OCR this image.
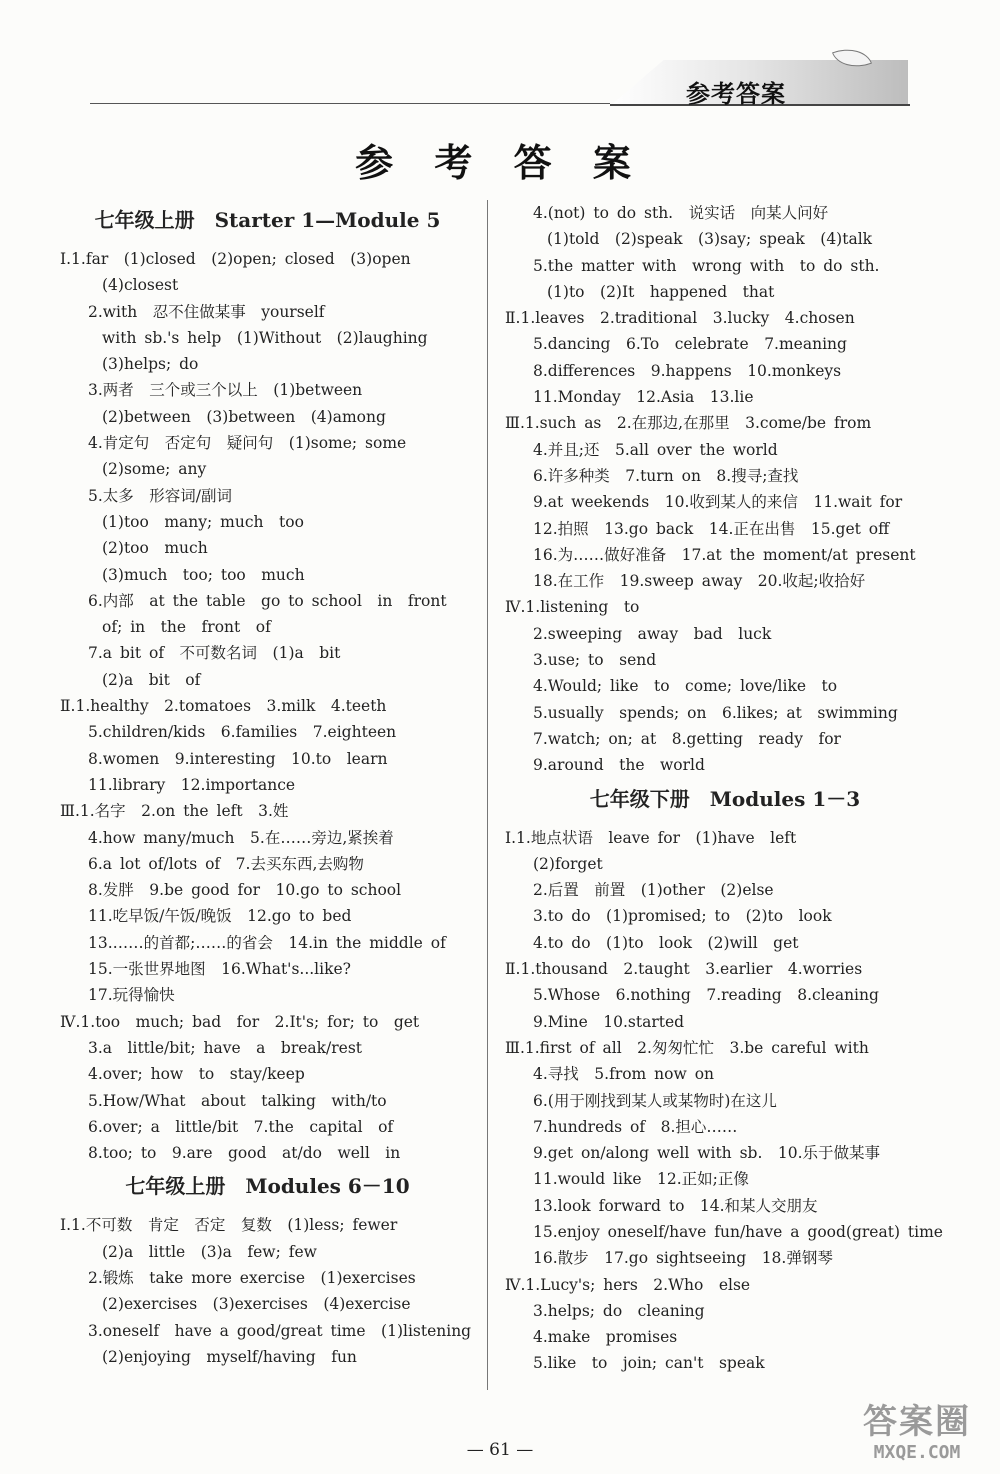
参考答案
参 考 答 案
七年级上册　Starter 1—Module 5
Ⅰ.1.far　(1)closed　(2)open; closed　(3)open
(4)closest
2.with　忍不住做某事　yourself
with sb.'s help　(1)Without　(2)laughing
(3)helps; do
3.两者　三个或三个以上　(1)between
(2)between　(3)between　(4)among
4.肯定句　否定句　疑问句　(1)some; some
(2)some; any
5.太多　形容词/副词
(1)too　many; much　too
(2)too　much
(3)much　too; too　much
6.内部　at the table　go to school　in　front
of; in　the　front　of
7.a bit of　不可数名词　(1)a　bit
(2)a　bit　of
Ⅱ.1.healthy　2.tomatoes　3.milk　4.teeth
5.children/kids　6.families　7.eighteen
8.women　9.interesting　10.to　learn
11.library　12.importance
Ⅲ.1.名字　2.on the left　3.姓
4.how many/much　5.在……旁边,紧挨着
6.a lot of/lots of　7.去买东西,去购物
8.发胖　9.be good for　10.go to school
11.吃早饭/午饭/晚饭　12.go to bed
13.……的首都;……的省会　14.in the middle of
15.一张世界地图　16.What's...like?
17.玩得愉快
Ⅳ.1.too　much; bad　for　2.It's; for; to　get
3.a　little/bit; have　a　break/rest
4.over; how　to　stay/keep
5.How/What　about　talking　with/to
6.over; a　little/bit　7.the　capital　of
8.too; to　9.are　good　at/do　well　in
七年级上册　Modules 6－10
Ⅰ.1.不可数　肯定　否定　复数　(1)less; fewer
(2)a　little　(3)a　few; few
2.锻炼　take more exercise　(1)exercises
(2)exercises　(3)exercises　(4)exercise
3.oneself　have a good/great time　(1)listening
(2)enjoying　myself/having　fun
4.(not) to do sth.　说实话　向某人问好
(1)told　(2)speak　(3)say; speak　(4)talk
5.the matter with　wrong with　to do sth.
(1)to　(2)It　happened　that
Ⅱ.1.leaves　2.traditional　3.lucky　4.chosen
5.dancing　6.To　celebrate　7.meaning
8.differences　9.happens　10.monkeys
11.Monday　12.Asia　13.lie
Ⅲ.1.such as　2.在那边,在那里　3.come/be from
4.并且;还　5.all over the world
6.许多种类　7.turn on　8.搜寻;查找
9.at weekends　10.收到某人的来信　11.wait for
12.拍照　13.go back　14.正在出售　15.get off
16.为……做好准备　17.at the moment/at present
18.在工作　19.sweep away　20.收起;收拾好
Ⅳ.1.listening　to
2.sweeping　away　bad　luck
3.use; to　send
4.Would; like　to　come; love/like　to
5.usually　spends; on　6.likes; at　swimming
7.watch; on; at　8.getting　ready　for
9.around　the　world
七年级下册　Modules 1－3
Ⅰ.1.地点状语　leave for　(1)have　left
(2)forget
2.后置　前置　(1)other　(2)else
3.to do　(1)promised; to　(2)to　look
4.to do　(1)to　look　(2)will　get
Ⅱ.1.thousand　2.taught　3.earlier　4.worries
5.Whose　6.nothing　7.reading　8.cleaning
9.Mine　10.started
Ⅲ.1.first of all　2.匆匆忙忙　3.be careful with
4.寻找　5.from now on
6.(用于刚找到某人或某物时)在这儿
7.hundreds of　8.担心……
9.get on/along well with sb.　10.乐于做某事
11.would like　12.正如;正像
13.look forward to　14.和某人交朋友
15.enjoy oneself/have fun/have a good(great) time
16.散步　17.go sightseeing　18.弹钢琴
Ⅳ.1.Lucy's; hers　2.Who　else
3.helps; do　cleaning
4.make　promises
5.like　to　join; can't　speak
— 61 —
答案圈
MXQE.COM
